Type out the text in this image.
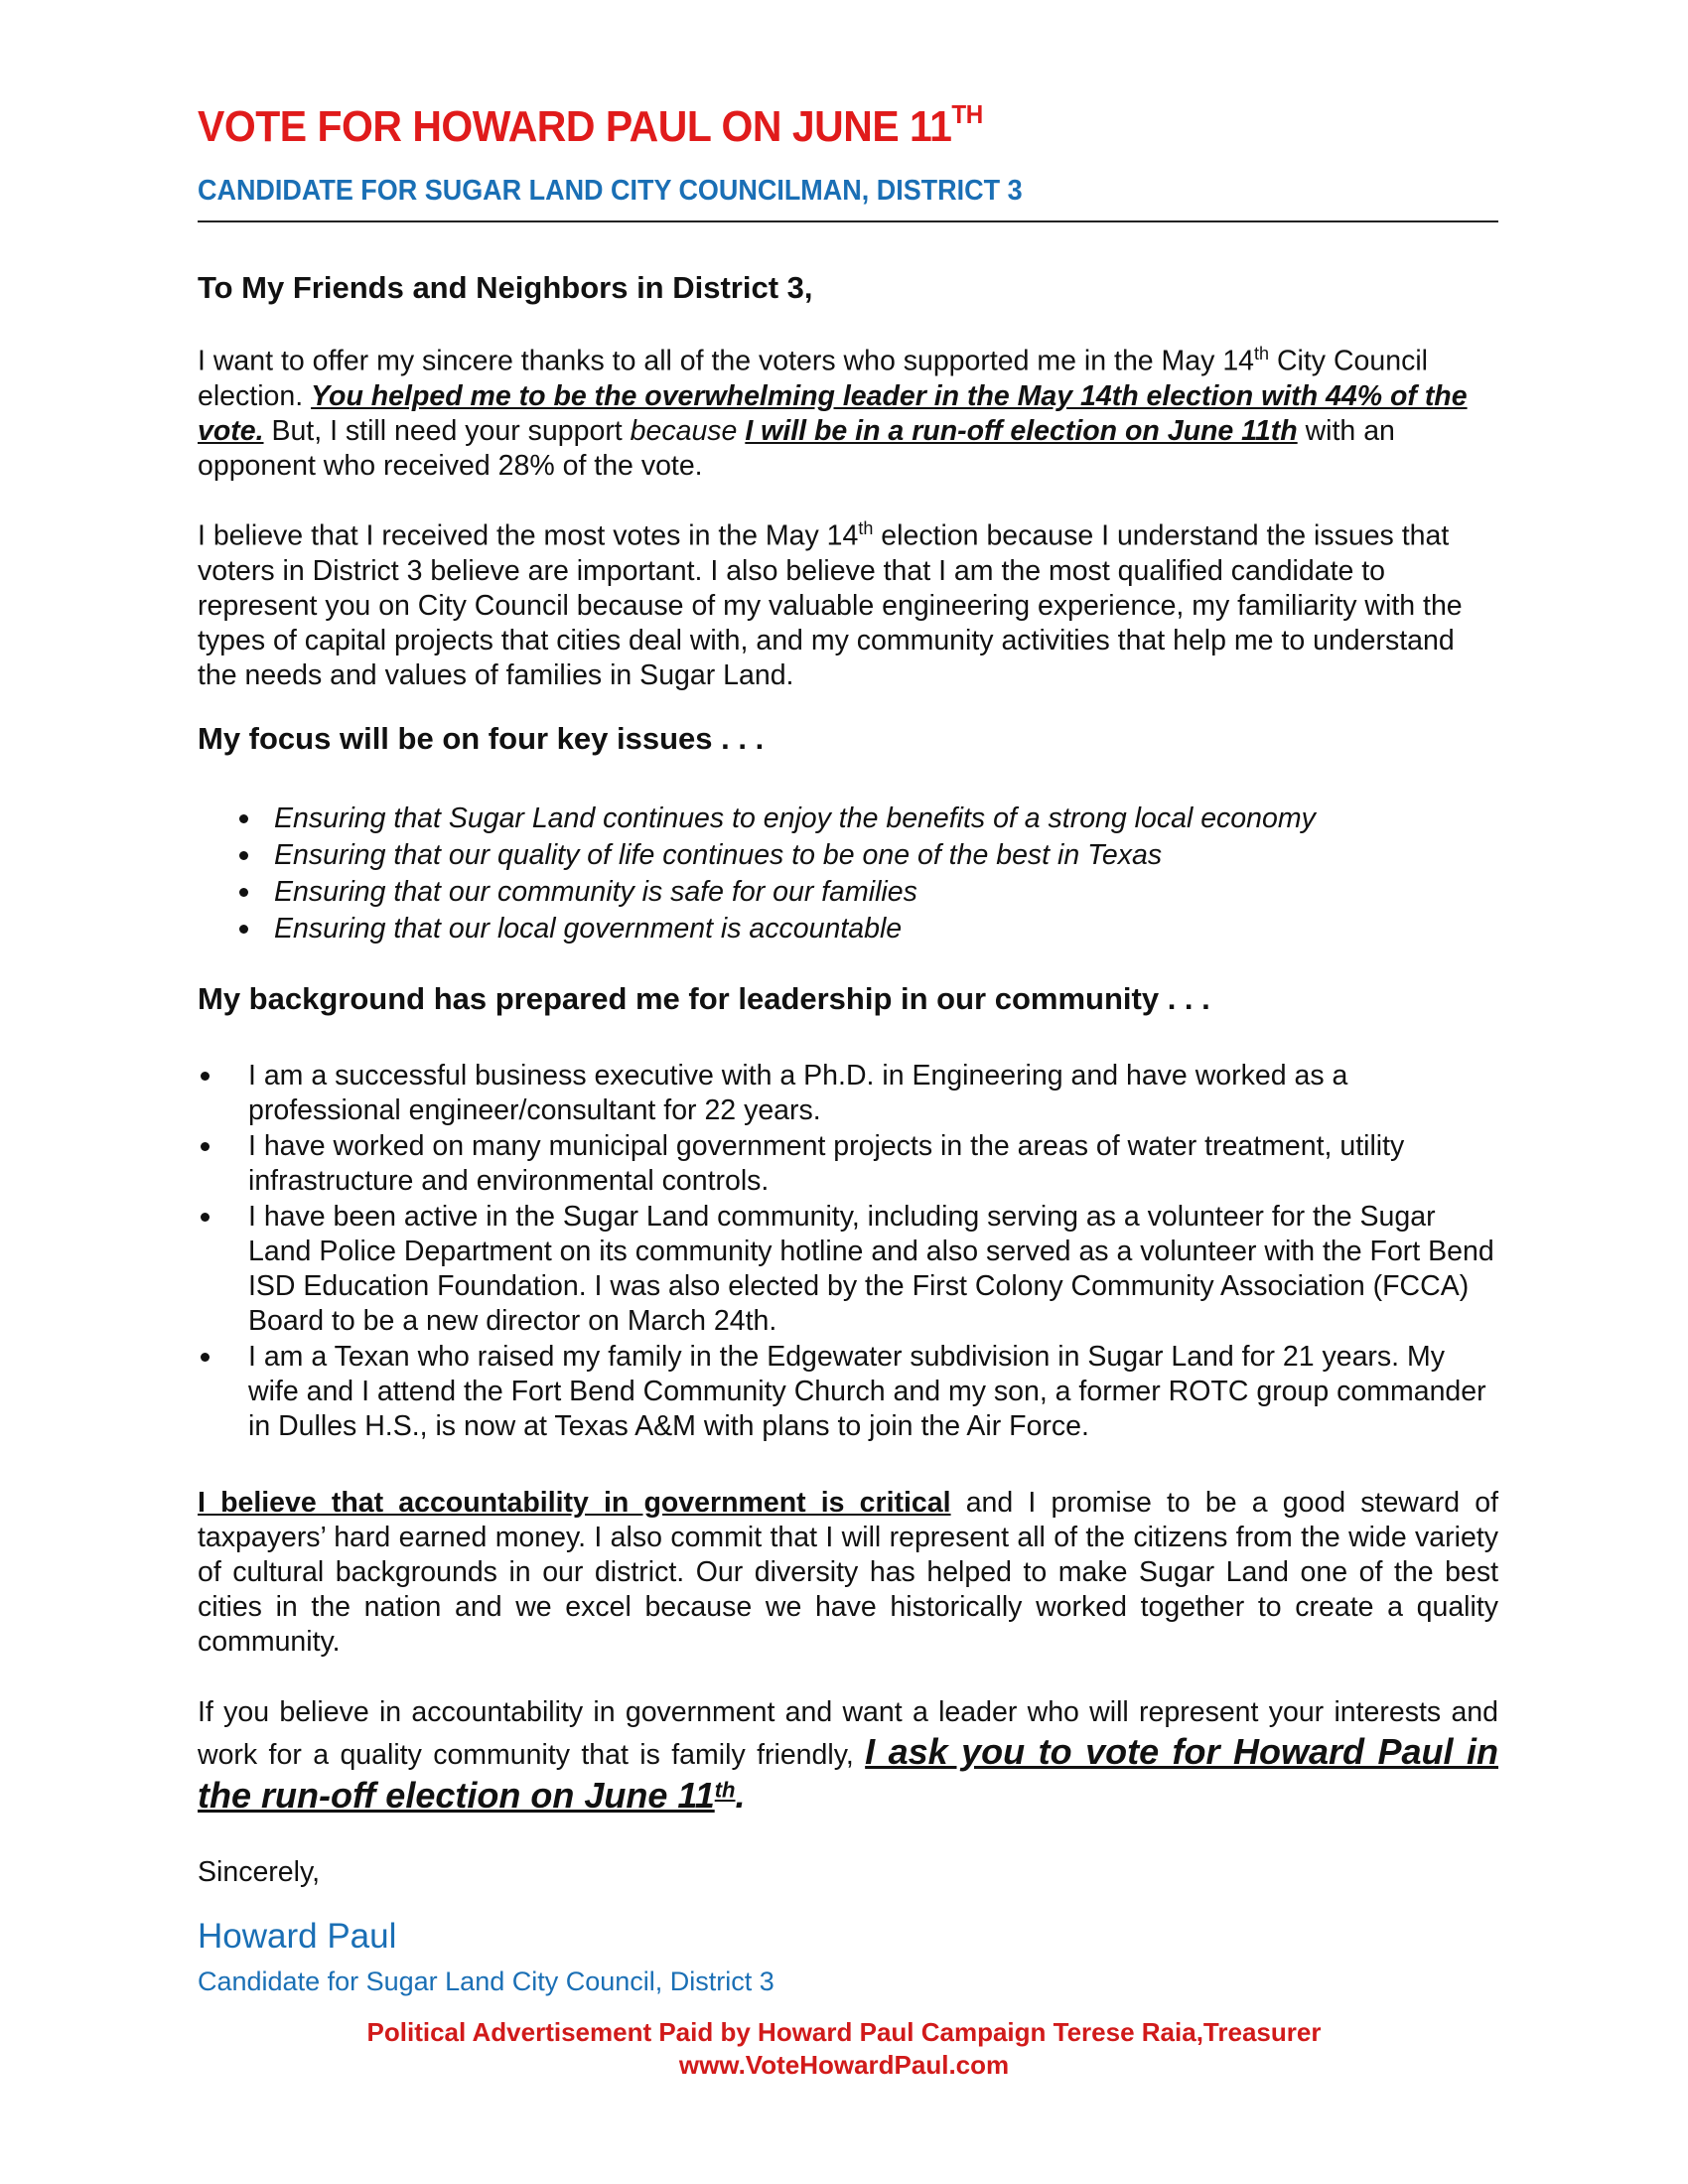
VOTE FOR HOWARD PAUL ON JUNE 11TH
CANDIDATE FOR SUGAR LAND CITY COUNCILMAN, DISTRICT 3
To My Friends and Neighbors in District 3,

I want to offer my sincere thanks to all of the voters who supported me in the May 14th City Council election. You helped me to be the overwhelming leader in the May 14th election with 44% of the vote. But, I still need your support because I will be in a run-off election on June 11th with an opponent who received 28% of the vote.

I believe that I received the most votes in the May 14th election because I understand the issues that voters in District 3 believe are important. I also believe that I am the most qualified candidate to represent you on City Council because of my valuable engineering experience, my familiarity with the types of capital projects that cities deal with, and my community activities that help me to understand the needs and values of families in Sugar Land.

My focus will be on four key issues . . .
Ensuring that Sugar Land continues to enjoy the benefits of a strong local economy
Ensuring that our quality of life continues to be one of the best in Texas
Ensuring that our community is safe for our families
Ensuring that our local government is accountable
My background has prepared me for leadership in our community . . .
I am a successful business executive with a Ph.D. in Engineering and have worked as a professional engineer/consultant for 22 years.
I have worked on many municipal government projects in the areas of water treatment, utility infrastructure and environmental controls.
I have been active in the Sugar Land community, including serving as a volunteer for the Sugar Land Police Department on its community hotline and also served as a volunteer with the Fort Bend ISD Education Foundation. I was also elected by the First Colony Community Association (FCCA) Board to be a new director on March 24th.
I am a Texan who raised my family in the Edgewater subdivision in Sugar Land for 21 years. My wife and I attend the Fort Bend Community Church and my son, a former ROTC group commander in Dulles H.S., is now at Texas A&M with plans to join the Air Force.

I believe that accountability in government is critical and I promise to be a good steward of taxpayers’ hard earned money. I also commit that I will represent all of the citizens from the wide variety of cultural backgrounds in our district. Our diversity has helped to make Sugar Land one of the best cities in the nation and we excel because we have historically worked together to create a quality community.

If you believe in accountability in government and want a leader who will represent your interests and work for a quality community that is family friendly, I ask you to vote for Howard Paul in the run-off election on June 11th.

Sincerely,
Howard Paul
Candidate for Sugar Land City Council, District 3
Political Advertisement Paid by Howard Paul Campaign Terese Raia,Treasurer
www.VoteHowardPaul.com
